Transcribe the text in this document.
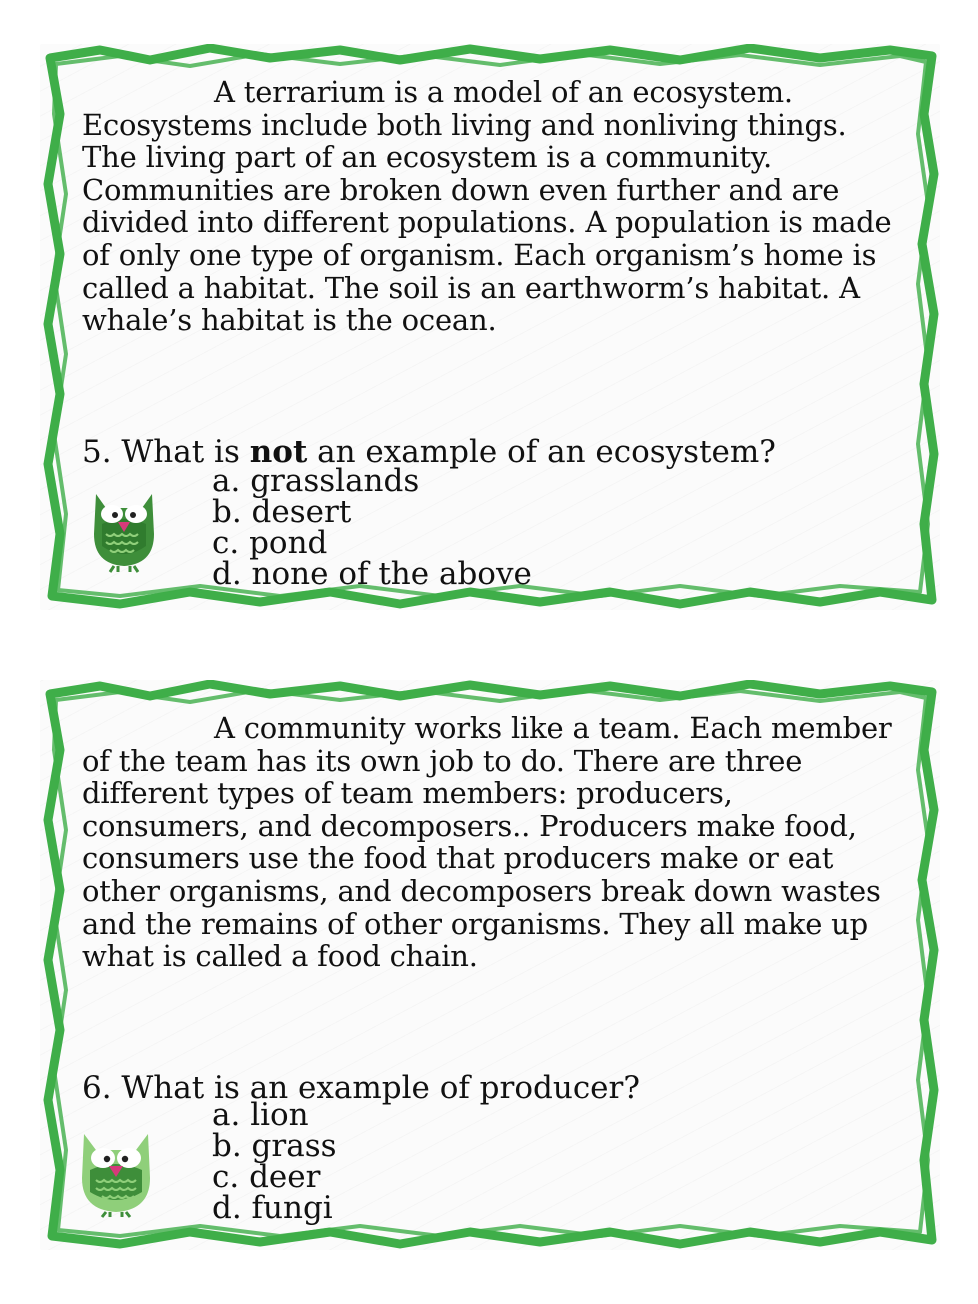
A terrarium is a model of an ecosystem. Ecosystems include both living and nonliving things. The living part of an ecosystem is a community. Communities are broken down even further and are divided into different populations. A population is made of only one type of organism. Each organism’s home is called a habitat. The soil is an earthworm’s habitat. A whale’s habitat is the ocean.
5. What is not an example of an ecosystem?
a. grasslands
b. desert
c. pond
d. none of the above
A community works like a team. Each member of the team has its own job to do. There are three different types of team members: producers, consumers, and decomposers.. Producers make food, consumers use the food that producers make or eat other organisms, and decomposers break down wastes and the remains of other organisms. They all make up what is called a food chain.
6. What is an example of producer?
a. lion
b. grass
c. deer
d. fungi
